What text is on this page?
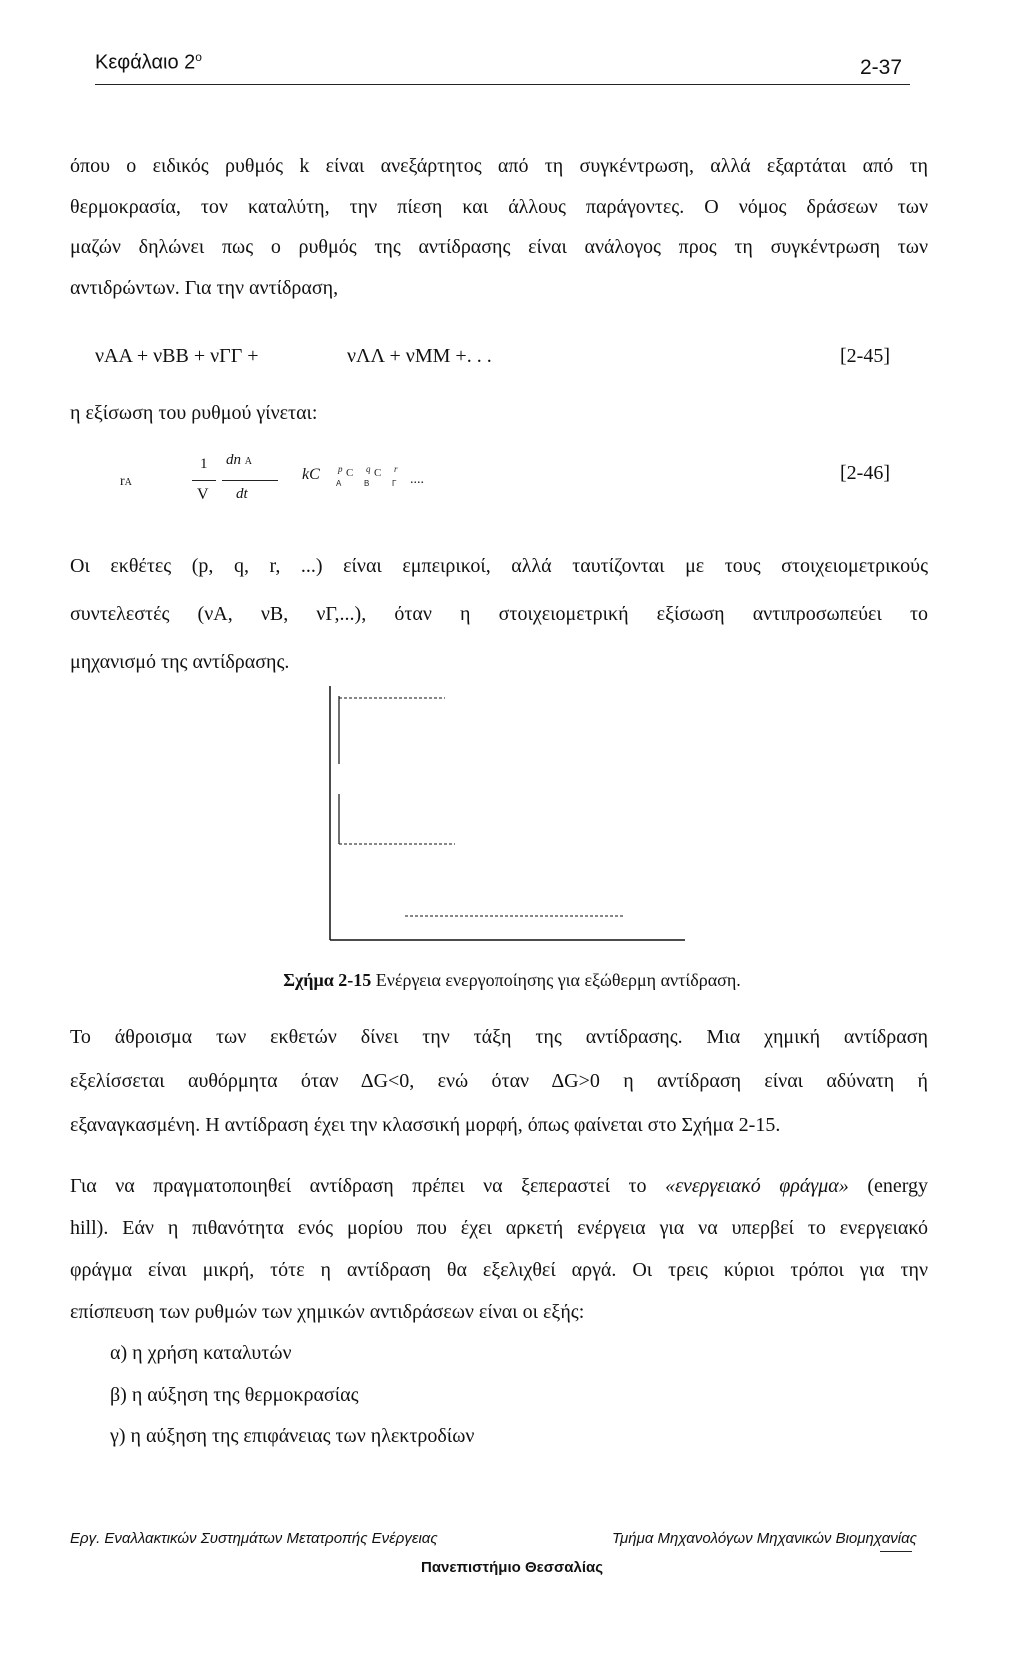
Κεφάλαιο $2^o$	2-37

όπου ο ειδικός ρυθμός k είναι ανεξάρτητος από τη συγκέντρωση, αλλά εξαρτάται από τη

θερμοκρασία, τον καταλύτη, την πίεση και άλλους παράγοντες. Ο νόμος δράσεων των

μαζών δηλώνει πως ο ρυθμός της αντίδρασης είναι ανάλογος προς τη συγκέντρωση των

αντιδρώντων. Για την αντίδραση,

νΑΑ + νΒΒ + νΓΓ +	νΛΛ + νΜΜ +. . .	[2-45]
η εξίσωση του ρυθμού γίνεται:
rA
1
V
dn A
dt
kC p C
A
q C
B
r
Γ ....	[2-46]

Οι εκθέτες (p, q, r, ...) είναι εμπειρικοί, αλλά ταυτίζονται με τους στοιχειομετρικούς

συντελεστές (νΑ, νΒ, νΓ,...), όταν η στοιχειομετρική εξίσωση αντιπροσωπεύει το

μηχανισμό της αντίδρασης.

Σχήμα 2-15 Ενέργεια ενεργοποίησης για εξώθερμη αντίδραση.

Το άθροισμα των εκθετών δίνει την τάξη της αντίδρασης. Μια χημική αντίδραση

εξελίσσεται αυθόρμητα όταν ΔG<0, ενώ όταν ΔG>0 η αντίδραση είναι αδύνατη ή

εξαναγκασμένη. Η αντίδραση έχει την κλασσική μορφή, όπως φαίνεται στο Σχήμα 2-15.

Για να πραγματοποιηθεί αντίδραση πρέπει να ξεπεραστεί το «ενεργειακό φράγμα» (energy

hill). Εάν η πιθανότητα ενός μορίου που έχει αρκετή ενέργεια για να υπερβεί το ενεργειακό

φράγμα είναι μικρή, τότε η αντίδραση θα εξελιχθεί αργά. Οι τρεις κύριοι τρόποι για την

επίσπευση των ρυθμών των χημικών αντιδράσεων είναι οι εξής:

α) η χρήση καταλυτών
β) η αύξηση της θερμοκρασίας
γ) η αύξηση της επιφάνειας των ηλεκτροδίων
Εργ. Εναλλακτικών Συστημάτων Μετατροπής Ενέργειας	Τμήμα Μηχανολόγων Μηχανικών Βιομηχανίας
Πανεπιστήμιο Θεσσαλίας
